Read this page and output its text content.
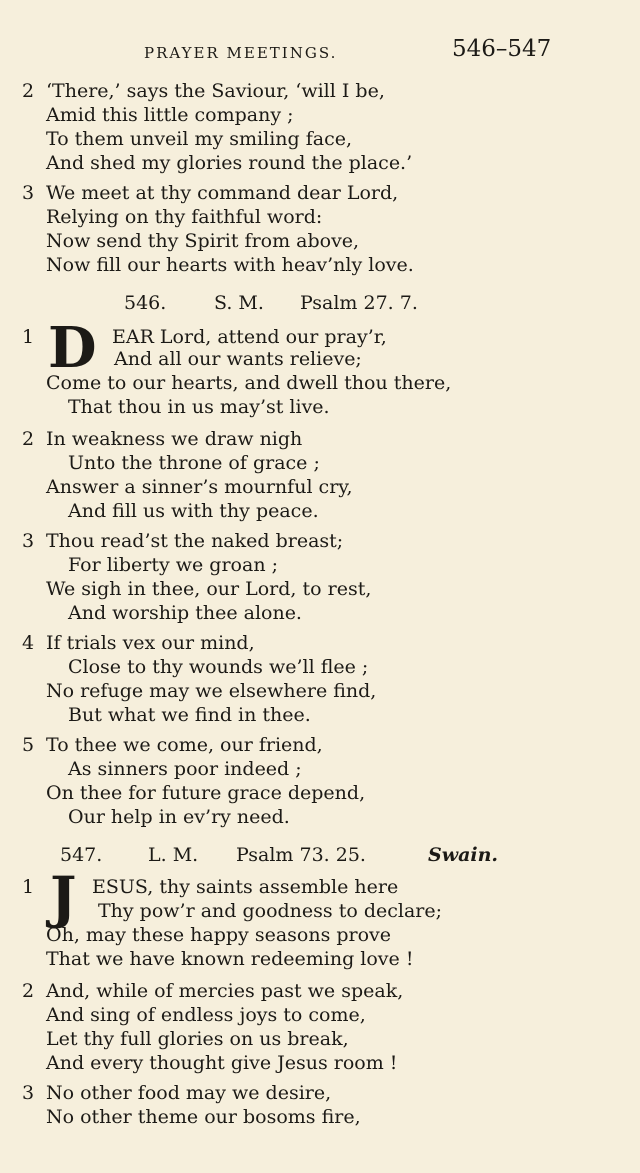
PRAYER MEETINGS.	546–547
2 ‘There,’ says the Saviour, ‘will I be,
Amid this little company ;
To them unveil my smiling face,
And shed my glories round the place.’
3 We meet at thy command dear Lord,
Relying on thy faithful word:
Now send thy Spirit from above,
Now fill our hearts with heav’nly love.
546.	S. M. Psalm 27. 7.
1 D EAR Lord, attend our pray’r,
And all our wants relieve;
Come to our hearts, and dwell thou there,
That thou in us may’st live.
2 In weakness we draw nigh
Unto the throne of grace ;
Answer a sinner’s mournful cry,
And fill us with thy peace.
3 Thou read’st the naked breast;
For liberty we groan ;
We sigh in thee, our Lord, to rest,
And worship thee alone.
4 If trials vex our mind,
Close to thy wounds we’ll flee ;
No refuge may we elsewhere find,
But what we find in thee.
5 To thee we come, our friend,
As sinners poor indeed ;
On thee for future grace depend,
Our help in ev’ry need.
547. L. M. Psalm 73. 25.	Swain.
1 J ESUS, thy saints assemble here
Thy pow’r and goodness to declare;
Oh, may these happy seasons prove
That we have known redeeming love !
2 And, while of mercies past we speak,
And sing of endless joys to come,
Let thy full glories on us break,
And every thought give Jesus room !
3 No other food may we desire,
No other theme our bosoms fire,
